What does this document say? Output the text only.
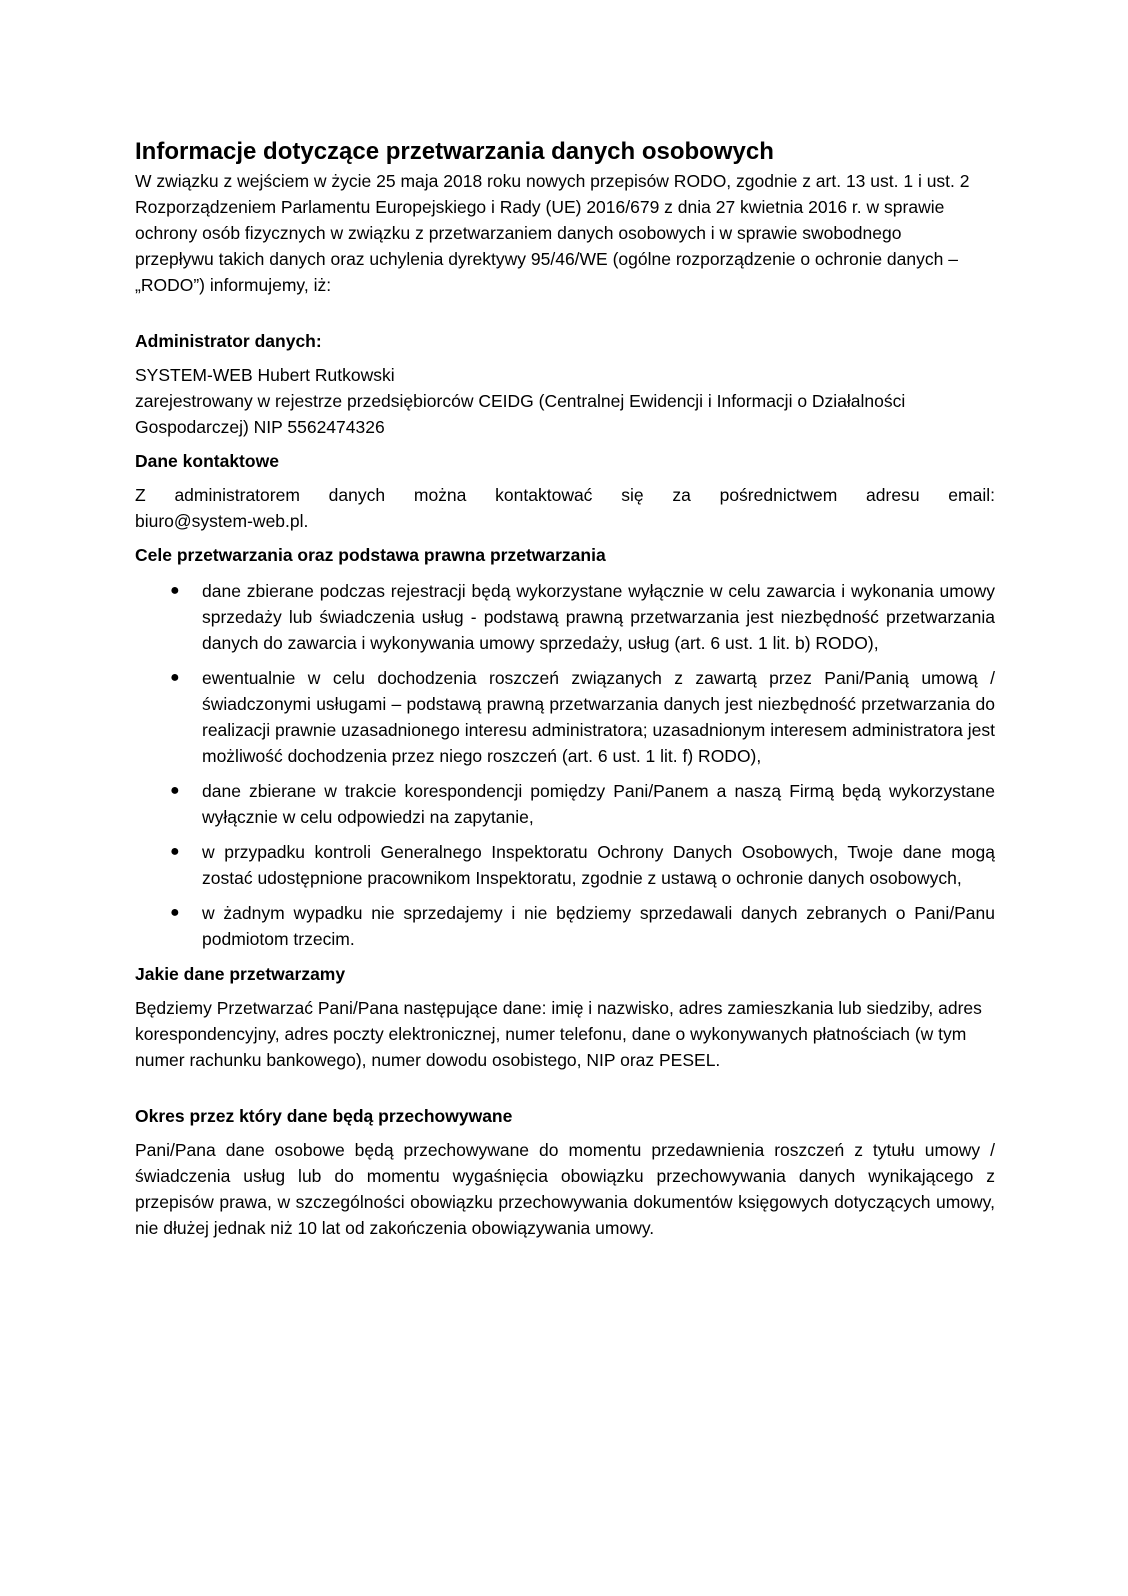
Informacje dotyczące przetwarzania danych osobowych

W związku z wejściem w życie 25 maja 2018 roku nowych przepisów RODO, zgodnie z art. 13 ust. 1 i ust. 2 Rozporządzeniem Parlamentu Europejskiego i Rady (UE) 2016/679 z dnia 27 kwietnia 2016 r. w sprawie ochrony osób fizycznych w związku z przetwarzaniem danych osobowych i w sprawie swobodnego przepływu takich danych oraz uchylenia dyrektywy 95/46/WE (ogólne rozporządzenie o ochronie danych – „RODO”) informujemy, iż:

Administrator danych:

SYSTEM-WEB Hubert Rutkowski

zarejestrowany w rejestrze przedsiębiorców CEIDG (Centralnej Ewidencji i Informacji o Działalności Gospodarczej) NIP 5562474326

Dane kontaktowe

Z administratorem danych można kontaktować się za pośrednictwem adresu email:

biuro@system-web.pl.

Cele przetwarzania oraz podstawa prawna przetwarzania
● dane zbierane podczas rejestracji będą wykorzystane wyłącznie w celu zawarcia i wykonania umowy sprzedaży lub świadczenia usług - podstawą prawną przetwarzania jest niezbędność przetwarzania danych do zawarcia i wykonywania umowy sprzedaży, usług (art. 6 ust. 1 lit. b) RODO),
● ewentualnie w celu dochodzenia roszczeń związanych z zawartą przez Pani/Panią umową / świadczonymi usługami – podstawą prawną przetwarzania danych jest niezbędność przetwarzania do realizacji prawnie uzasadnionego interesu administratora; uzasadnionym interesem administratora jest możliwość dochodzenia przez niego roszczeń (art. 6 ust. 1 lit. f) RODO),
● dane zbierane w trakcie korespondencji pomiędzy Pani/Panem a naszą Firmą będą wykorzystane wyłącznie w celu odpowiedzi na zapytanie,
● w przypadku kontroli Generalnego Inspektoratu Ochrony Danych Osobowych, Twoje dane mogą zostać udostępnione pracownikom Inspektoratu, zgodnie z ustawą o ochronie danych osobowych,
● w żadnym wypadku nie sprzedajemy i nie będziemy sprzedawali danych zebranych o Pani/Panu podmiotom trzecim.
Jakie dane przetwarzamy

Będziemy Przetwarzać Pani/Pana następujące dane: imię i nazwisko, adres zamieszkania lub siedziby, adres korespondencyjny, adres poczty elektronicznej, numer telefonu, dane o wykonywanych płatnościach (w tym numer rachunku bankowego), numer dowodu osobistego, NIP oraz PESEL.

Okres przez który dane będą przechowywane

Pani/Pana dane osobowe będą przechowywane do momentu przedawnienia roszczeń z tytułu umowy / świadczenia usług lub do momentu wygaśnięcia obowiązku przechowywania danych wynikającego z przepisów prawa, w szczególności obowiązku przechowywania dokumentów księgowych dotyczących umowy, nie dłużej jednak niż 10 lat od zakończenia obowiązywania umowy.
